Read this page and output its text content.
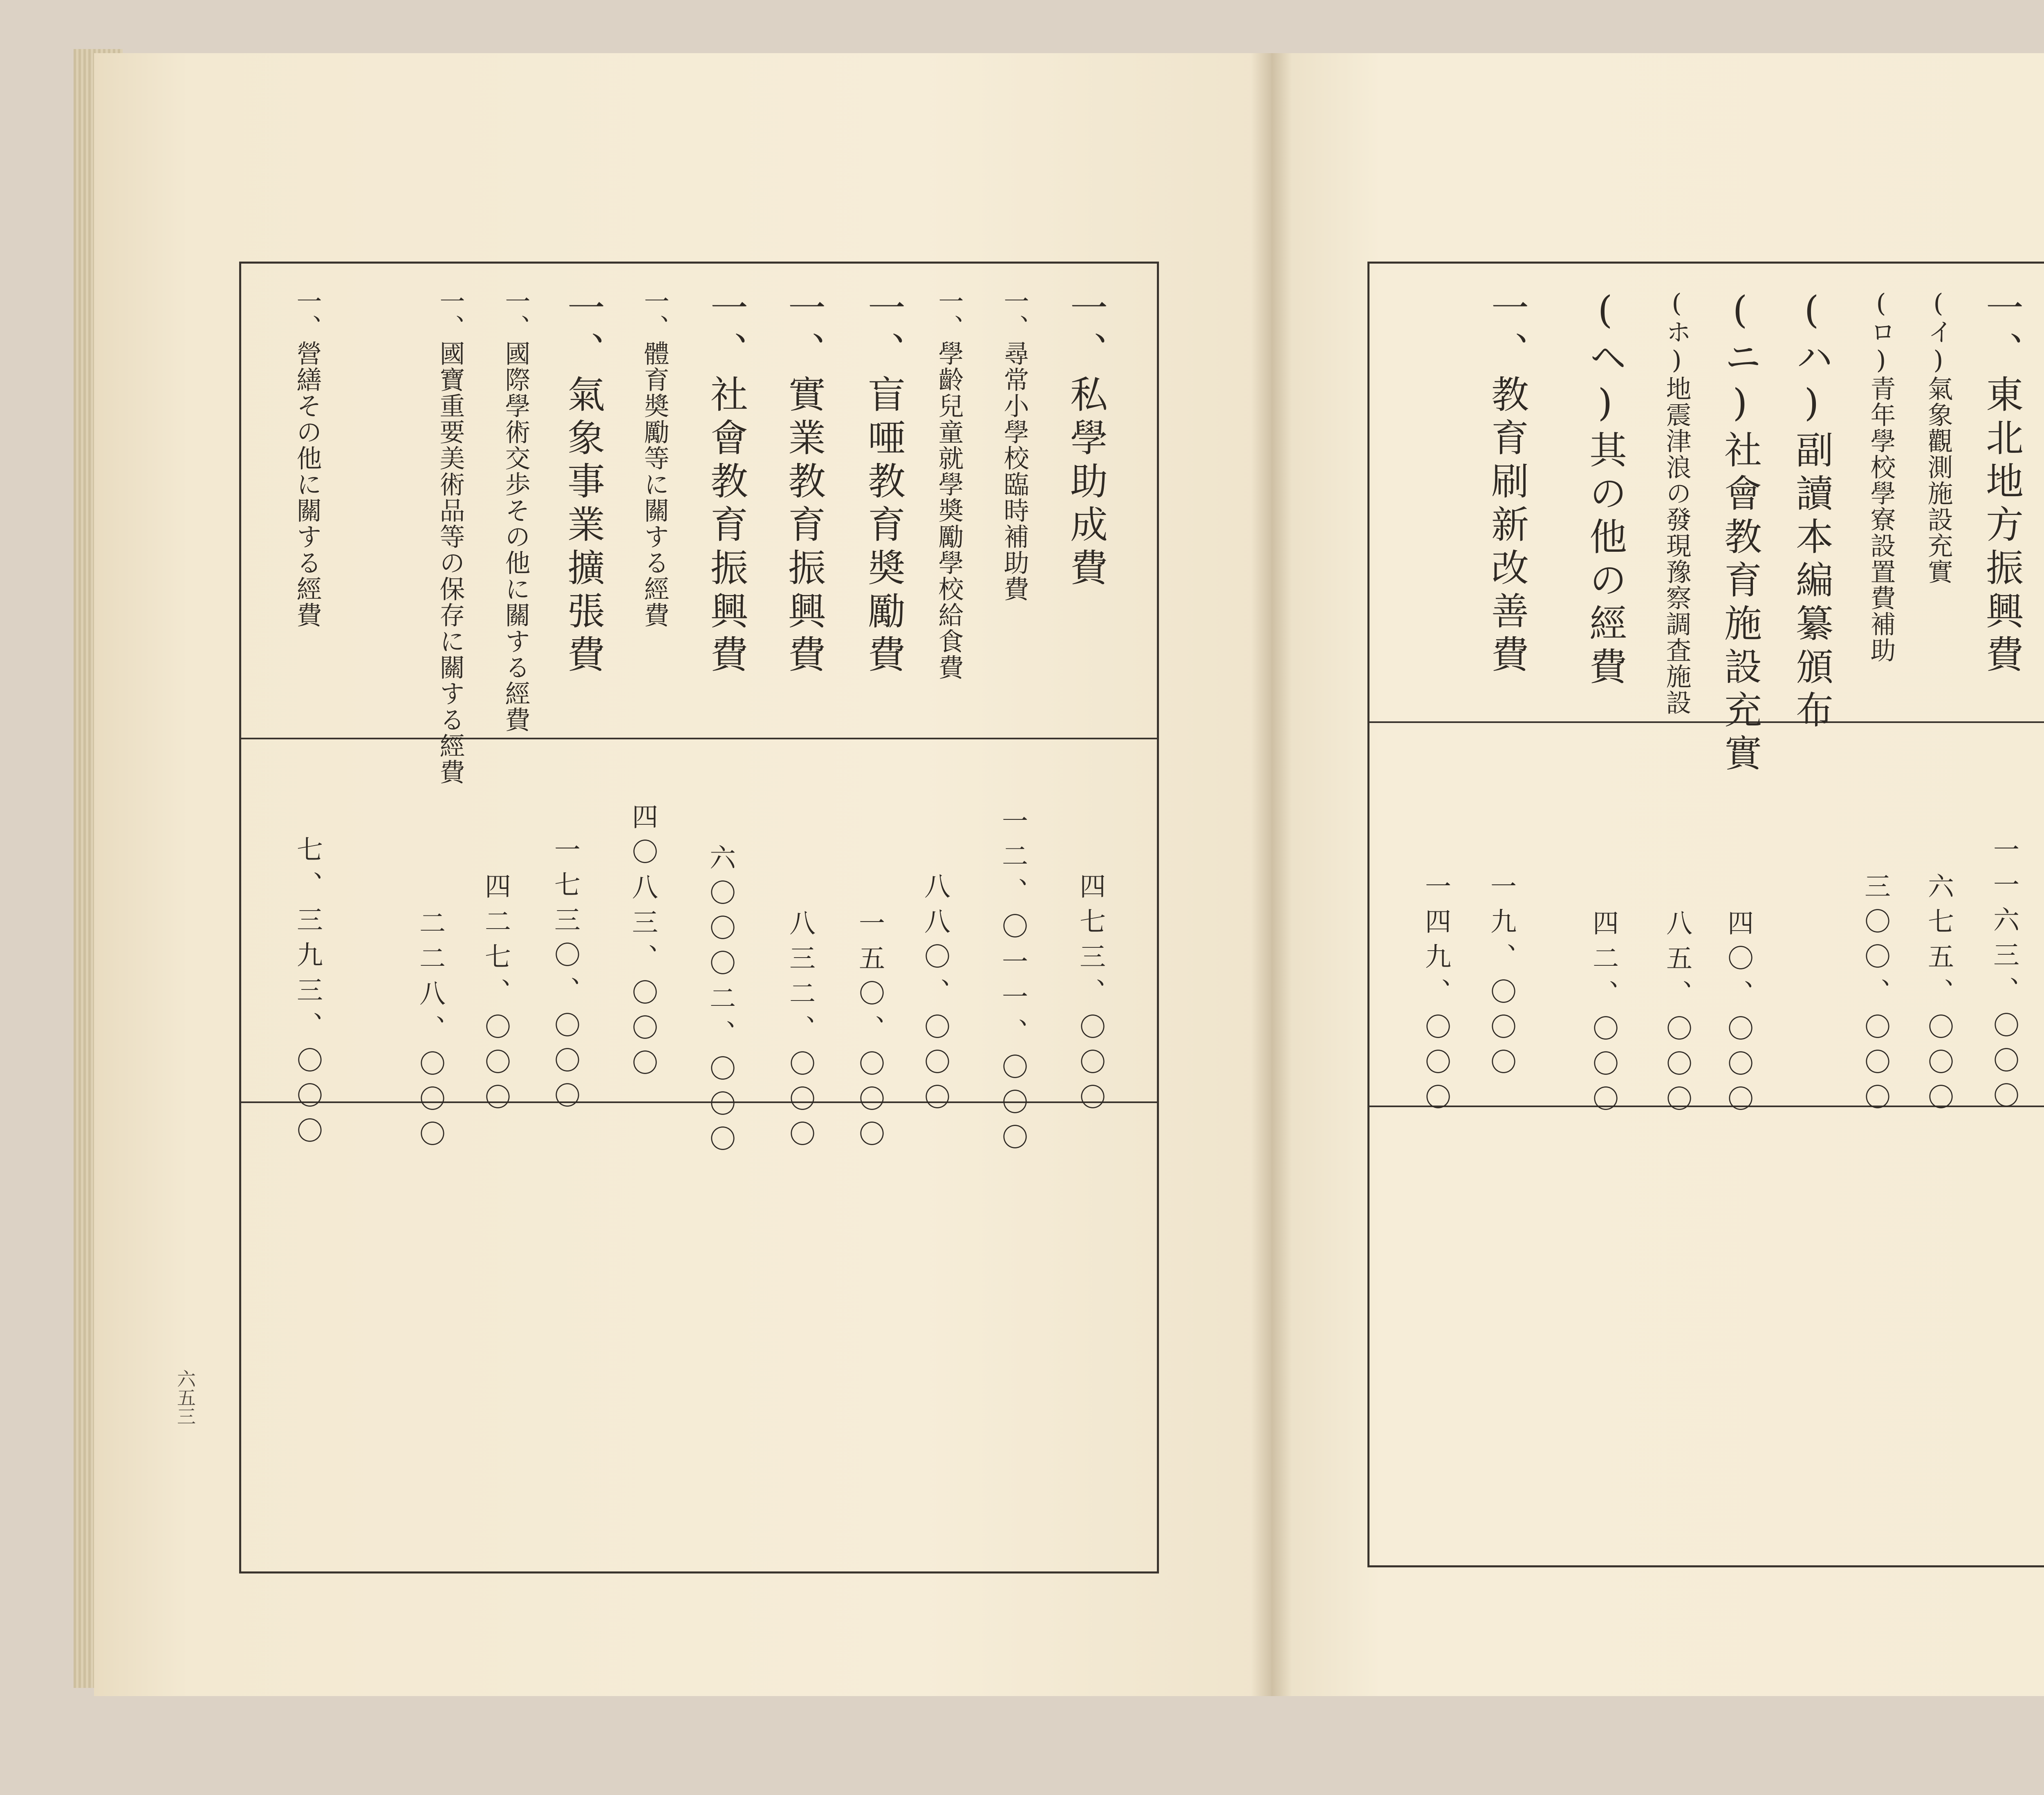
一、東北地方振興費
(イ)氣象觀測施設充實
(ロ)青年學校學寮設置費補助
(ハ)副讀本編纂頒布
(ニ)社會教育施設充實
(ホ)地震津浪の發現豫察調査施設
(ヘ)其の他の經費
一、教育刷新改善費
一一六三、〇〇〇
六七五、〇〇〇
三〇〇、〇〇〇
四〇、〇〇〇
八五、〇〇〇
四二、〇〇〇
一九、〇〇〇
一四九、〇〇〇
一、私學助成費
一、尋常小學校臨時補助費
一、學齡兒童就學奬勵學校給食費
一、盲唖教育奬勵費
一、實業教育振興費
一、社會教育振興費
一、體育奬勵等に關する經費
一、氣象事業擴張費
一、國際學術交歩その他に關する經費
一、國寶重要美術品等の保存に關する經費
一、營繕その他に關する經費
四七三、〇〇〇
一二、〇一一、〇〇〇
八八〇、〇〇〇
一五〇、〇〇〇
八三二、〇〇〇
六〇〇〇二、〇〇〇
四〇八三、〇〇〇
一七三〇、〇〇〇
四二七、〇〇〇
二二八、〇〇〇
七、三九三、〇〇〇
六五三
